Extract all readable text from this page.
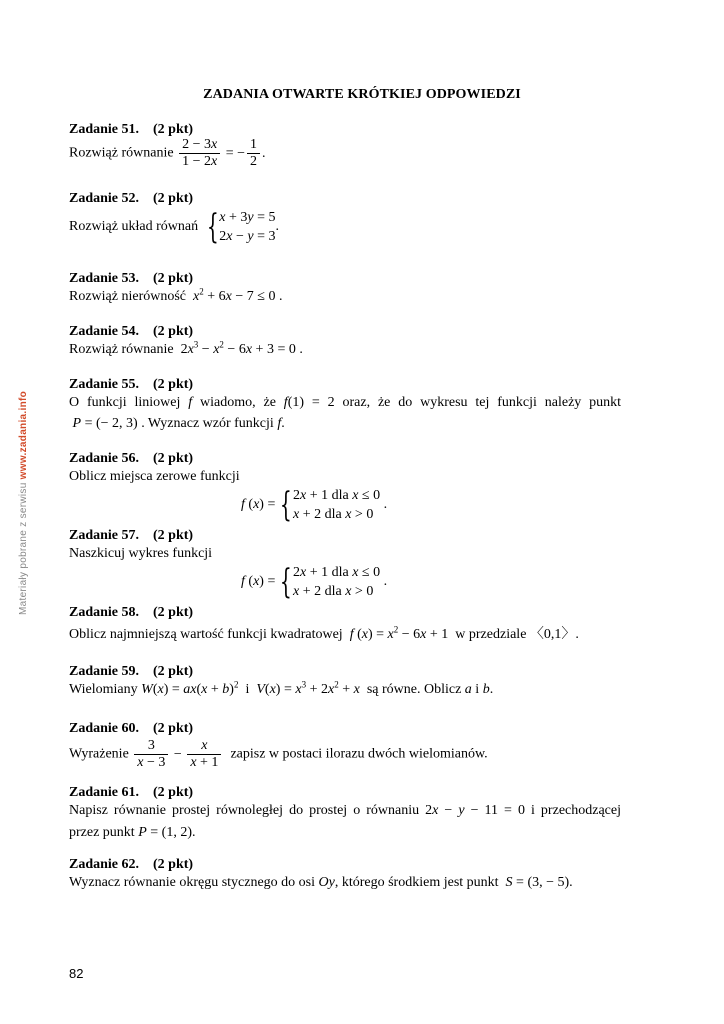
ZADANIA OTWARTE KRÓTKIEJ ODPOWIEDZI
Zadanie 51. (2 pkt)
Rozwiąż równanie $\frac{2 - 3x}{1 - 2x}$ = − $\frac{1}{2}$ .
Zadanie 52. (2 pkt)
Rozwiąż układ równań { x + 3y = 5
2x − y = 3
.
Zadanie 53. (2 pkt)
Rozwiąż nierówność $x^2 + 6x - 7 \le 0$ .
Zadanie 54. (2 pkt)
Rozwiąż równanie  $2x^3 - x^2 - 6x + 3 = 0$ .
Zadanie 55. (2 pkt)
O funkcji liniowej f wiadomo, że f(1) = 2 oraz, że do wykresu tej funkcji należy punkt
P = (− 2, 3) . Wyznacz wzór funkcji f.
Zadanie 56. (2 pkt)
Oblicz miejsca zerowe funkcji
f ( x ) = { 2x + 1 dla x ≤ 0
x + 2 dla x > 0
.
Zadanie 57. (2 pkt)
Naszkicuj wykres funkcji
f ( x ) = { 2x + 1 dla x ≤ 0
x + 2 dla x > 0
.
Zadanie 58. (2 pkt)
Oblicz najmniejszą wartość funkcji kwadratowej f $(x) = x^2 - 6x + 1$  w przedziale 〈0,1〉.
Zadanie 59. (2 pkt)
Wielomiany $W(x) = ax(x + b)^2$ i $V(x) = x^3 + 2x^2 + x$ są równe. Oblicz a i b.
Zadanie 60. (2 pkt)
Wyrażenie $\frac{3}{x - 3} - \frac{x}{x + 1}$ zapisz w postaci ilorazu dwóch wielomianów.
Zadanie 61. (2 pkt)
Napisz równanie prostej równoległej do prostej o równaniu 2x − y − 11 = 0 i przechodzącej
przez punkt P = (1, 2).
Zadanie 62. (2 pkt)
Wyznacz równanie okręgu stycznego do osi Oy, którego środkiem jest punkt S = (3, − 5).
Materiały pobrane z serwisu www.zadania.info
82
